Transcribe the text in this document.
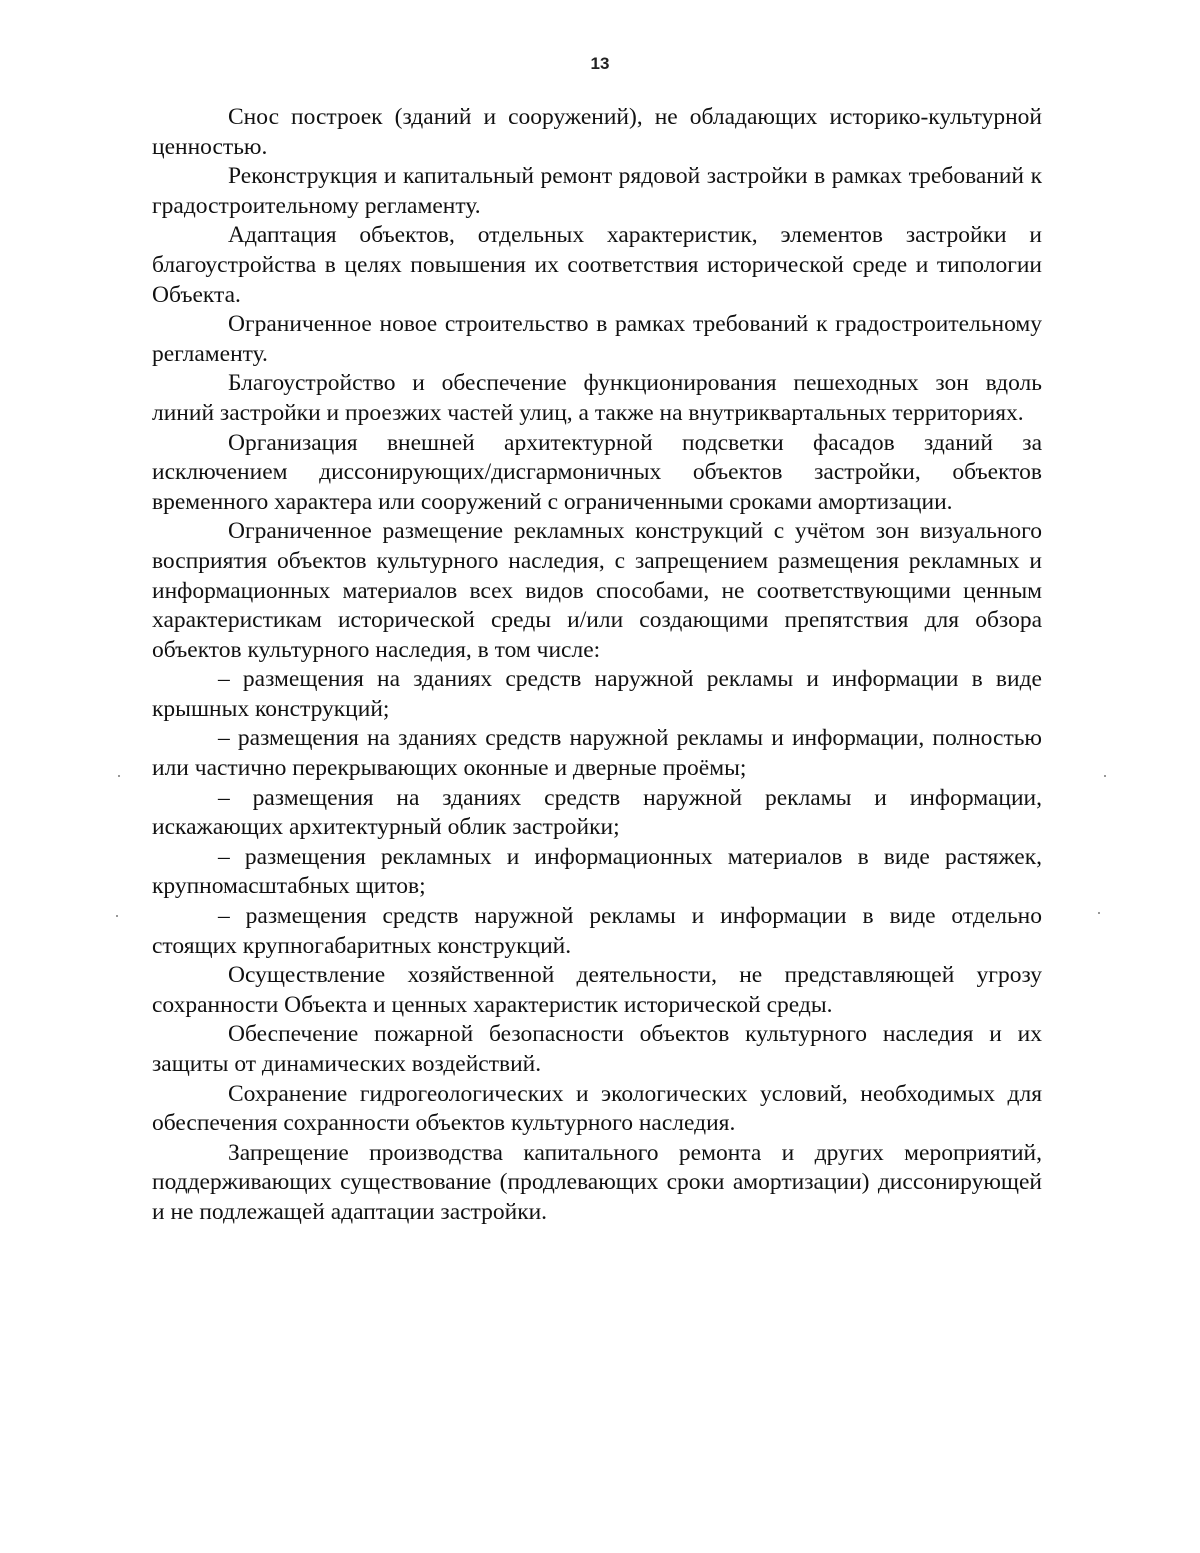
13

Снос построек (зданий и сооружений), не обладающих историко-культурной ценностью.

Реконструкция и капитальный ремонт рядовой застройки в рамках требований к градостроительному регламенту.

Адаптация объектов, отдельных характеристик, элементов застройки и благоустройства в целях повышения их соответствия исторической среде и типологии Объекта.

Ограниченное новое строительство в рамках требований к градостроительному регламенту.

Благоустройство и обеспечение функционирования пешеходных зон вдоль линий застройки и проезжих частей улиц, а также на внутриквартальных территориях.

Организация внешней архитектурной подсветки фасадов зданий за исключением диссонирующих/дисгармоничных объектов застройки, объектов временного характера или сооружений с ограниченными сроками амортизации.

Ограниченное размещение рекламных конструкций с учётом зон визуального восприятия объектов культурного наследия, с запрещением размещения рекламных и информационных материалов всех видов способами, не соответствующими ценным характеристикам исторической среды и/или создающими препятствия для обзора объектов культурного наследия, в том числе:

– размещения на зданиях средств наружной рекламы и информации в виде крышных конструкций;

– размещения на зданиях средств наружной рекламы и информации, полностью или частично перекрывающих оконные и дверные проёмы;

– размещения на зданиях средств наружной рекламы и информации, искажающих архитектурный облик застройки;

– размещения рекламных и информационных материалов в виде растяжек, крупномасштабных щитов;

– размещения средств наружной рекламы и информации в виде отдельно стоящих крупногабаритных конструкций.

Осуществление хозяйственной деятельности, не представляющей угрозу сохранности Объекта и ценных характеристик исторической среды.

Обеспечение пожарной безопасности объектов культурного наследия и их защиты от динамических воздействий.

Сохранение гидрогеологических и экологических условий, необходимых для обеспечения сохранности объектов культурного наследия.

Запрещение производства капитального ремонта и других мероприятий, поддерживающих существование (продлевающих сроки амортизации) диссонирующей и не подлежащей адаптации застройки.
